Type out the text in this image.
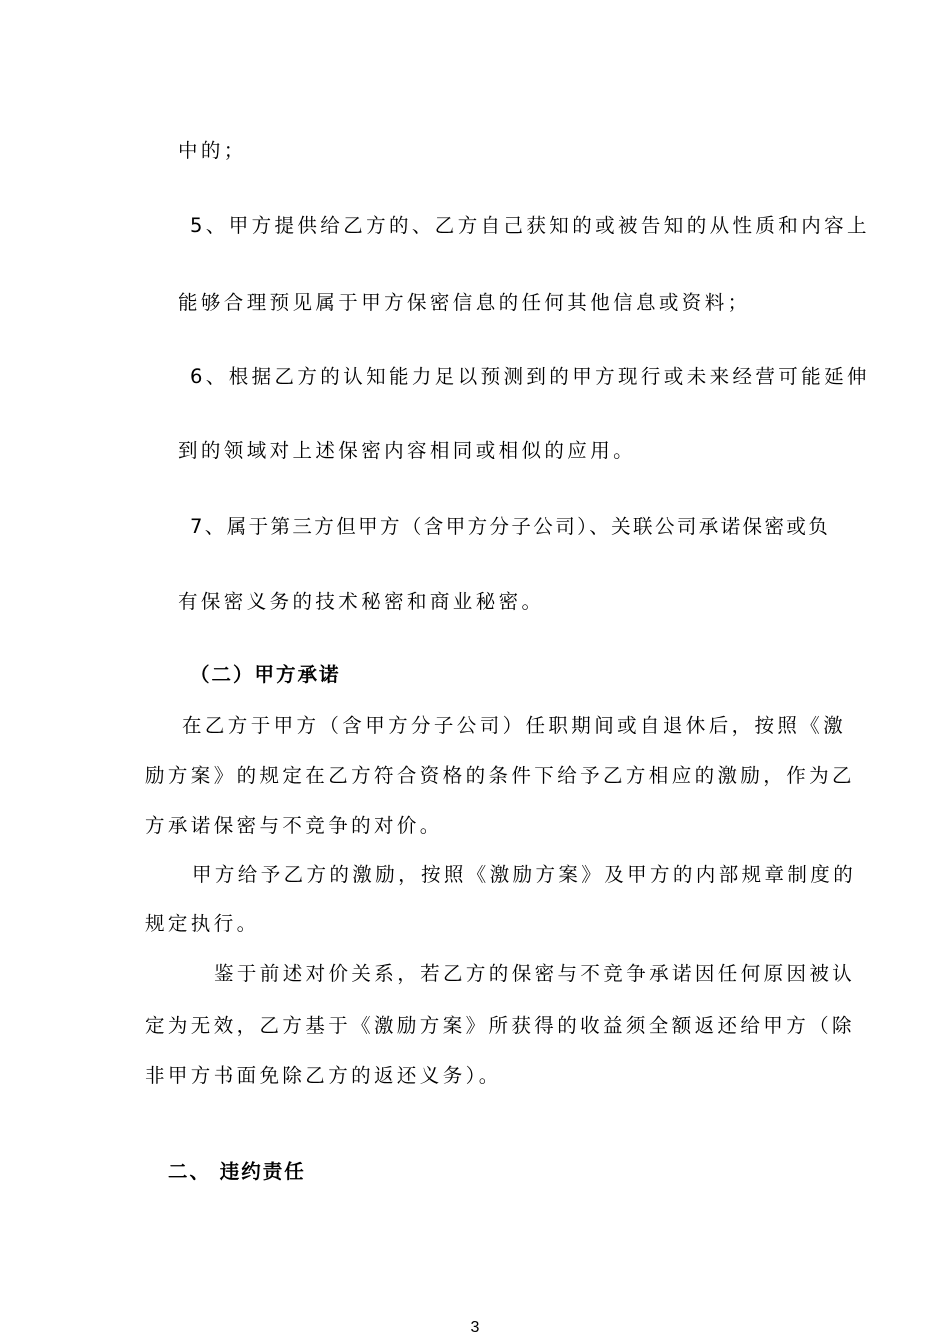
中的；
5、甲方提供给乙方的、乙方自己获知的或被告知的从性质和内容上
能够合理预见属于甲方保密信息的任何其他信息或资料；
6、根据乙方的认知能力足以预测到的甲方现行或未来经营可能延伸
到的领域对上述保密内容相同或相似的应用。
7、属于第三方但甲方（含甲方分子公司）、关联公司承诺保密或负
有保密义务的技术秘密和商业秘密。
（二）甲方承诺
在乙方于甲方（含甲方分子公司）任职期间或自退休后，按照《激
励方案》的规定在乙方符合资格的条件下给予乙方相应的激励，作为乙
方承诺保密与不竞争的对价。
甲方给予乙方的激励，按照《激励方案》及甲方的内部规章制度的
规定执行。
鉴于前述对价关系，若乙方的保密与不竞争承诺因任何原因被认
定为无效，乙方基于《激励方案》所获得的收益须全额返还给甲方（除
非甲方书面免除乙方的返还义务）。
二、 违约责任
3
